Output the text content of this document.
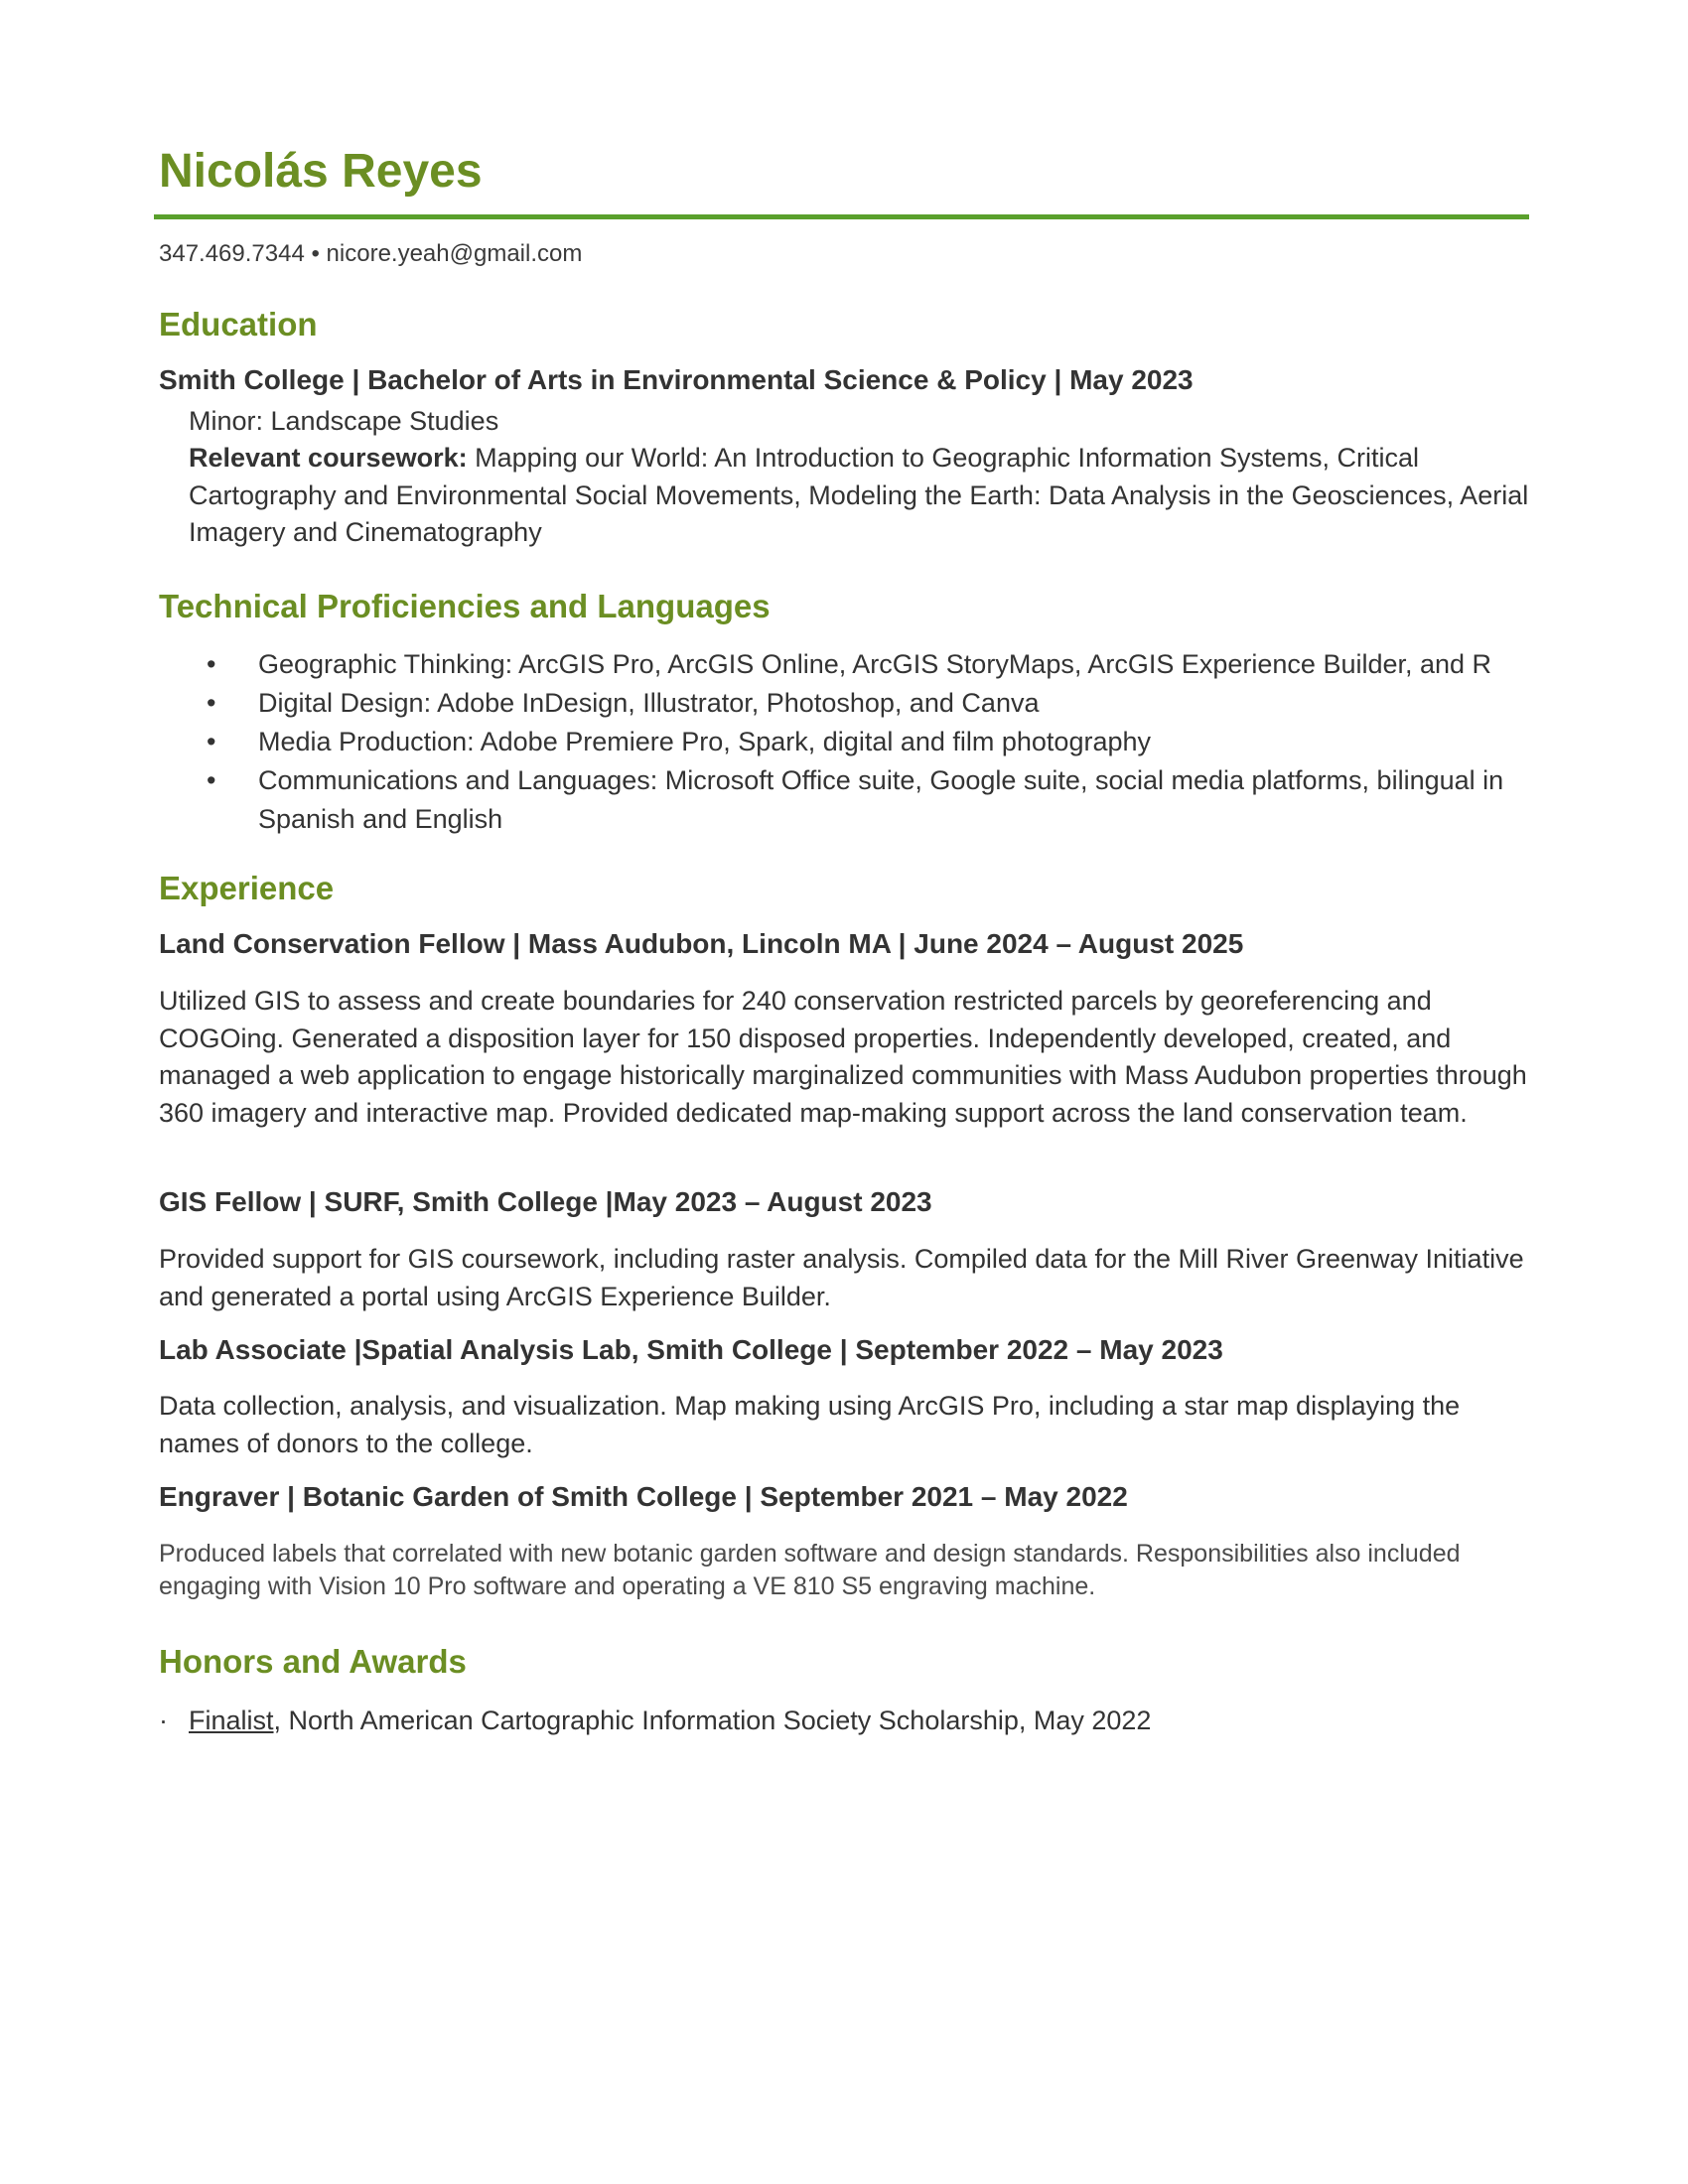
Nicolás Reyes
347.469.7344 • nicore.yeah@gmail.com
Education
Smith College | Bachelor of Arts in Environmental Science & Policy | May 2023
Minor: Landscape Studies
Relevant coursework: Mapping our World: An Introduction to Geographic Information Systems, Critical Cartography and Environmental Social Movements, Modeling the Earth: Data Analysis in the Geosciences, Aerial Imagery and Cinematography
Technical Proficiencies and Languages
• Geographic Thinking: ArcGIS Pro, ArcGIS Online, ArcGIS StoryMaps, ArcGIS Experience Builder, and R
• Digital Design: Adobe InDesign, Illustrator, Photoshop, and Canva
• Media Production: Adobe Premiere Pro, Spark, digital and film photography
• Communications and Languages: Microsoft Office suite, Google suite, social media platforms, bilingual in Spanish and English
Experience
Land Conservation Fellow | Mass Audubon, Lincoln MA | June 2024 – August 2025
Utilized GIS to assess and create boundaries for 240 conservation restricted parcels by georeferencing and COGOing. Generated a disposition layer for 150 disposed properties. Independently developed, created, and managed a web application to engage historically marginalized communities with Mass Audubon properties through 360 imagery and interactive map. Provided dedicated map-making support across the land conservation team.
GIS Fellow | SURF, Smith College |May 2023 – August 2023
Provided support for GIS coursework, including raster analysis. Compiled data for the Mill River Greenway Initiative and generated a portal using ArcGIS Experience Builder.
Lab Associate |Spatial Analysis Lab, Smith College | September 2022 – May 2023
Data collection, analysis, and visualization. Map making using ArcGIS Pro, including a star map displaying the names of donors to the college.
Engraver | Botanic Garden of Smith College | September 2021 – May 2022
Produced labels that correlated with new botanic garden software and design standards. Responsibilities also included engaging with Vision 10 Pro software and operating a VE 810 S5 engraving machine.
Honors and Awards
· Finalist, North American Cartographic Information Society Scholarship, May 2022
